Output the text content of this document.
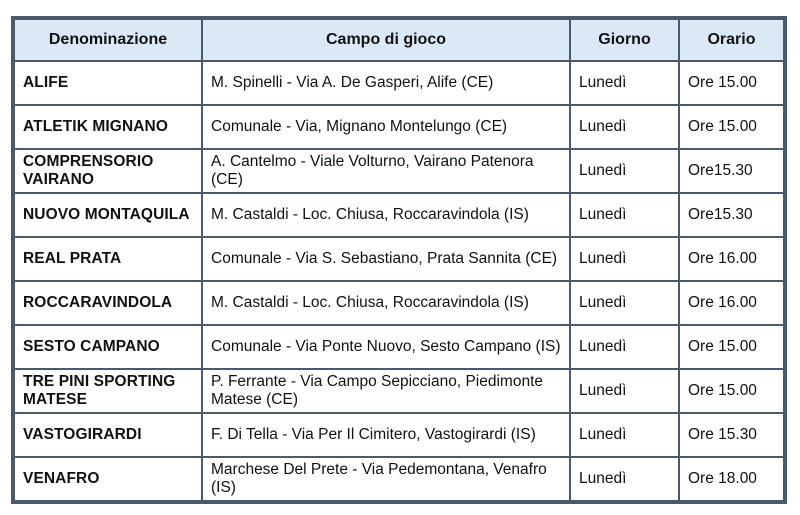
Denominazione	Campo di gioco	Giorno	Orario
ALIFE	M. Spinelli - Via A. De Gasperi, Alife (CE)	Lunedì	Ore 15.00
ATLETIK MIGNANO	Comunale - Via, Mignano Montelungo (CE)	Lunedì	Ore 15.00
COMPRENSORIO VAIRANO	A. Cantelmo - Viale Volturno, Vairano Patenora (CE)	Lunedì	Ore15.30
NUOVO MONTAQUILA	M. Castaldi - Loc. Chiusa, Roccaravindola (IS)	Lunedì	Ore15.30
REAL PRATA	Comunale - Via S. Sebastiano, Prata Sannita (CE)	Lunedì	Ore 16.00
ROCCARAVINDOLA	M. Castaldi - Loc. Chiusa, Roccaravindola (IS)	Lunedì	Ore 16.00
SESTO CAMPANO	Comunale - Via Ponte Nuovo, Sesto Campano (IS)	Lunedì	Ore 15.00
TRE PINI SPORTING MATESE	P. Ferrante - Via Campo Sepicciano, Piedimonte Matese (CE)	Lunedì	Ore 15.00
VASTOGIRARDI	F. Di Tella - Via Per Il Cimitero, Vastogirardi (IS)	Lunedì	Ore 15.30
VENAFRO	Marchese Del Prete - Via Pedemontana, Venafro (IS)	Lunedì	Ore 18.00
